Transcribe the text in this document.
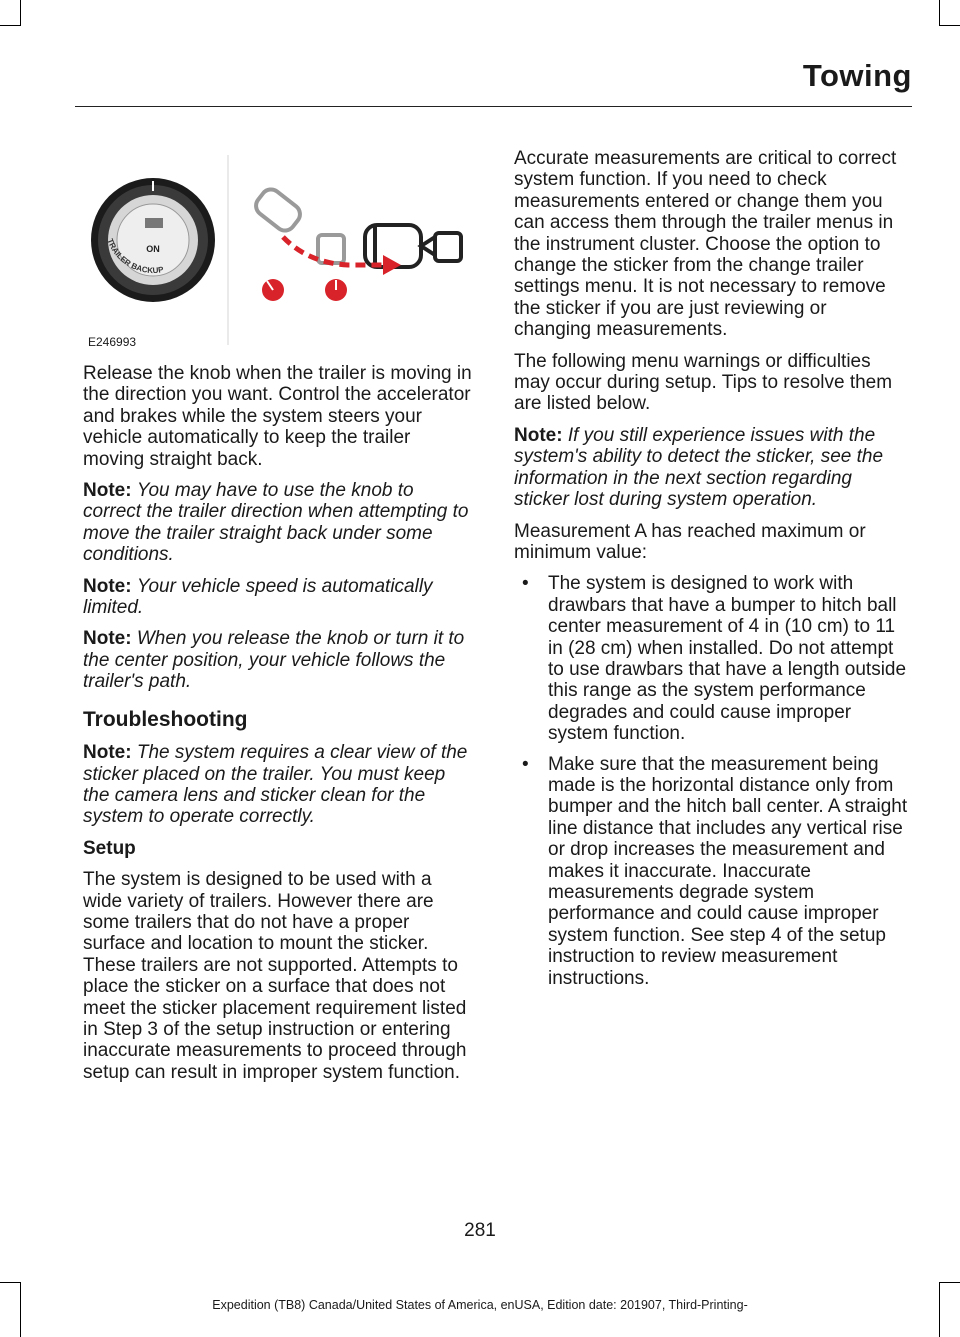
Towing
ON
TRAILER BACKUP
E246993

Release the knob when the trailer is moving in the direction you want. Control the accelerator and brakes while the system steers your vehicle automatically to keep the trailer moving straight back.

Note: You may have to use the knob to correct the trailer direction when attempting to move the trailer straight back under some conditions.

Note: Your vehicle speed is automatically limited.

Note: When you release the knob or turn it to the center position, your vehicle follows the trailer's path.

Troubleshooting

Note: The system requires a clear view of the sticker placed on the trailer. You must keep the camera lens and sticker clean for the system to operate correctly.

Setup

The system is designed to be used with a wide variety of trailers. However there are some trailers that do not have a proper surface and location to mount the sticker. These trailers are not supported. Attempts to place the sticker on a surface that does not meet the sticker placement requirement listed in Step 3 of the setup instruction or entering inaccurate measurements to proceed through setup can result in improper system function.

Accurate measurements are critical to correct system function. If you need to check measurements entered or change them you can access them through the trailer menus in the instrument cluster. Choose the option to change the sticker from the change trailer settings menu. It is not necessary to remove the sticker if you are just reviewing or changing measurements.

The following menu warnings or difficulties may occur during setup. Tips to resolve them are listed below.

Note: If you still experience issues with the system's ability to detect the sticker, see the information in the next section regarding sticker lost during system operation.

Measurement A has reached maximum or minimum value:

• The system is designed to work with drawbars that have a bumper to hitch ball center measurement of 4 in (10 cm) to 11 in (28 cm) when installed. Do not attempt to use drawbars that have a length outside this range as the system performance degrades and could cause improper system function.
• Make sure that the measurement being made is the horizontal distance only from bumper and the hitch ball center. A straight line distance that includes any vertical rise or drop increases the measurement and makes it inaccurate. Inaccurate measurements degrade system performance and could cause improper system function. See step 4 of the setup instruction to review measurement instructions.
281
Expedition (TB8) Canada/United States of America, enUSA, Edition date: 201907, Third-Printing-
